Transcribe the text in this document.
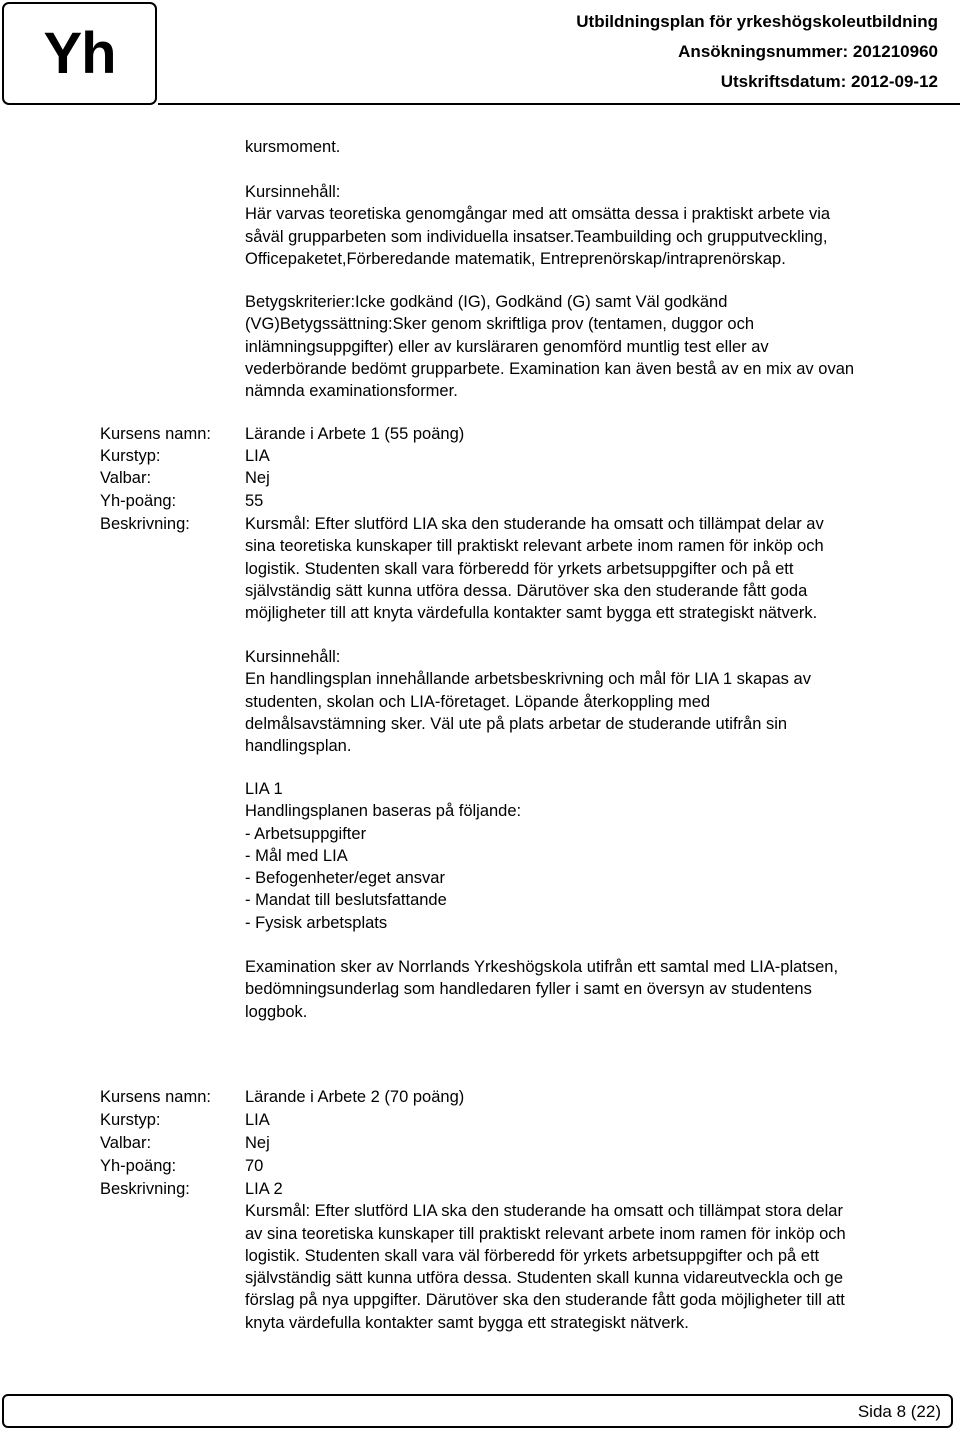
Yh	Utbildningsplan för yrkeshögskoleutbildning
Ansökningsnummer: 201210960
Utskriftsdatum: 2012-09-12
kursmoment.
Kursinnehåll:
Här varvas teoretiska genomgångar med att omsätta dessa i praktiskt arbete via
såväl grupparbeten som individuella insatser.Teambuilding och grupputveckling,
Officepaketet,Förberedande matematik, Entreprenörskap/intraprenörskap.
Betygskriterier:Icke godkänd (IG), Godkänd (G) samt Väl godkänd
(VG)Betygssättning:Sker genom skriftliga prov (tentamen, duggor och
inlämningsuppgifter) eller av kursläraren genomförd muntlig test eller av
vederbörande bedömt grupparbete. Examination kan även bestå av en mix av ovan
nämnda examinationsformer.
Kursens namn: Lärande i Arbete 1 (55 poäng)
Kurstyp:	LIA
Valbar:	Nej
Yh-poäng:	55
Beskrivning:	Kursmål: Efter slutförd LIA ska den studerande ha omsatt och tillämpat delar av
sina teoretiska kunskaper till praktiskt relevant arbete inom ramen för inköp och
logistik. Studenten skall vara förberedd för yrkets arbetsuppgifter och på ett
självständig sätt kunna utföra dessa. Därutöver ska den studerande fått goda
möjligheter till att knyta värdefulla kontakter samt bygga ett strategiskt nätverk.
Kursinnehåll:
En handlingsplan innehållande arbetsbeskrivning och mål för LIA 1 skapas av
studenten, skolan och LIA-företaget. Löpande återkoppling med
delmålsavstämning sker. Väl ute på plats arbetar de studerande utifrån sin
handlingsplan.
LIA 1
Handlingsplanen baseras på följande:
- Arbetsuppgifter
- Mål med LIA
- Befogenheter/eget ansvar
- Mandat till beslutsfattande
- Fysisk arbetsplats
Examination sker av Norrlands Yrkeshögskola utifrån ett samtal med LIA-platsen,
bedömningsunderlag som handledaren fyller i samt en översyn av studentens
loggbok.
Kursens namn: Lärande i Arbete 2 (70 poäng)
Kurstyp:	LIA
Valbar:	Nej
Yh-poäng:	70
Beskrivning:	LIA 2
Kursmål: Efter slutförd LIA ska den studerande ha omsatt och tillämpat stora delar
av sina teoretiska kunskaper till praktiskt relevant arbete inom ramen för inköp och
logistik. Studenten skall vara väl förberedd för yrkets arbetsuppgifter och på ett
självständig sätt kunna utföra dessa. Studenten skall kunna vidareutveckla och ge
förslag på nya uppgifter. Därutöver ska den studerande fått goda möjligheter till att
knyta värdefulla kontakter samt bygga ett strategiskt nätverk.
Sida 8 (22)
